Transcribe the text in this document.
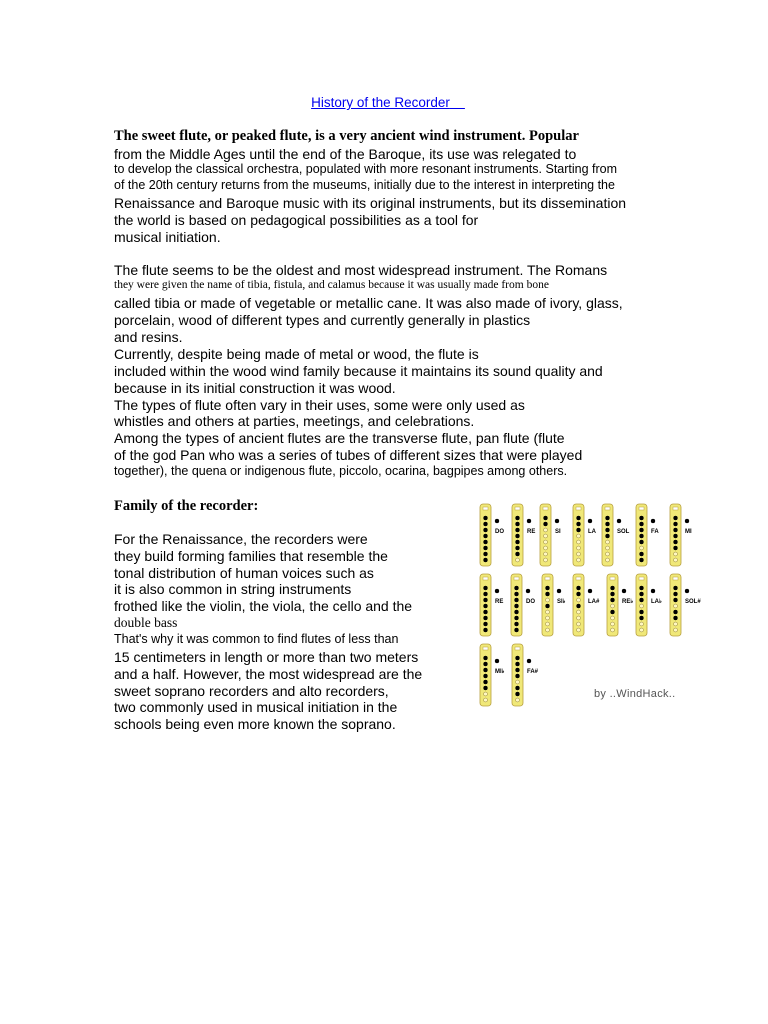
History of the Recorder
The sweet flute, or peaked flute, is a very ancient wind instrument. Popular
from the Middle Ages until the end of the Baroque, its use was relegated to
to develop the classical orchestra, populated with more resonant instruments. Starting from
of the 20th century returns from the museums, initially due to the interest in interpreting the
Renaissance and Baroque music with its original instruments, but its dissemination
the world is based on pedagogical possibilities as a tool for
musical initiation.
The flute seems to be the oldest and most widespread instrument. The Romans
they were given the name of tibia, fistula, and calamus because it was usually made from bone
called tibia or made of vegetable or metallic cane. It was also made of ivory, glass,
porcelain, wood of different types and currently generally in plastics
and resins.
Currently, despite being made of metal or wood, the flute is
included within the wood wind family because it maintains its sound quality and
because in its initial construction it was wood.
The types of flute often vary in their uses, some were only used as
whistles and others at parties, meetings, and celebrations.
Among the types of ancient flutes are the transverse flute, pan flute (flute
of the god Pan who was a series of tubes of different sizes that were played
together), the quena or indigenous flute, piccolo, ocarina, bagpipes among others.
Family of the recorder:
For the Renaissance, the recorders were
they build forming families that resemble the
tonal distribution of human voices such as
it is also common in string instruments
frothed like the violin, the viola, the cello and the
double bass
That's why it was common to find flutes of less than
15 centimeters in length or more than two meters
and a half. However, the most widespread are the
sweet soprano recorders and alto recorders,
two commonly used in musical initiation in the
schools being even more known the soprano.
DO	RE	SI	LA	SOL	FA	MI
RE	DO	SI♭	LA#	RE♭	LA♭	SOL#
MI♭	FA#
by ..WindHack..
